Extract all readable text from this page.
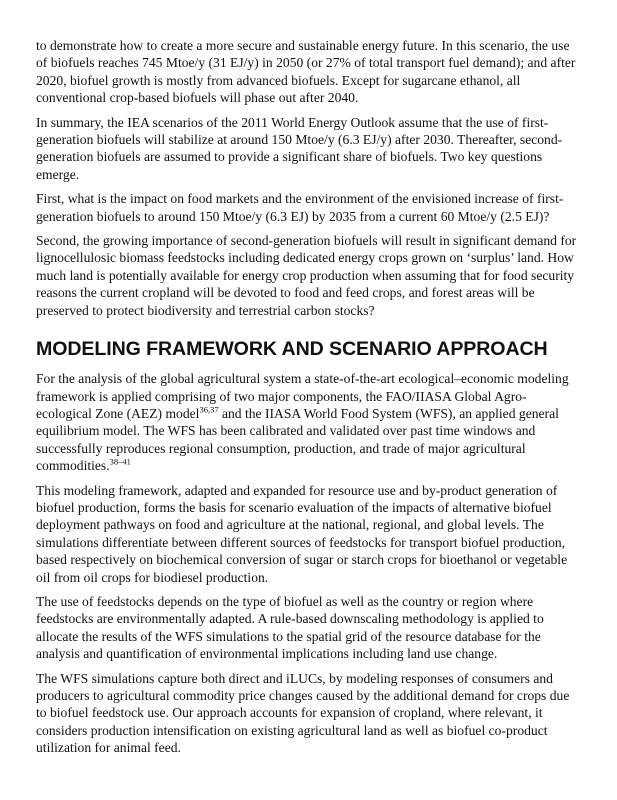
to demonstrate how to create a more secure and sustainable energy future. In this scenario, the use of biofuels reaches 745 Mtoe/y (31 EJ/y) in 2050 (or 27% of total transport fuel demand); and after 2020, biofuel growth is mostly from advanced biofuels. Except for sugarcane ethanol, all conventional crop-based biofuels will phase out after 2040.

In summary, the IEA scenarios of the 2011 World Energy Outlook assume that the use of first-generation biofuels will stabilize at around 150 Mtoe/y (6.3 EJ/y) after 2030. Thereafter, second-generation biofuels are assumed to provide a significant share of biofuels. Two key questions emerge.

First, what is the impact on food markets and the environment of the envisioned increase of first-generation biofuels to around 150 Mtoe/y (6.3 EJ) by 2035 from a current 60 Mtoe/y (2.5 EJ)?

Second, the growing importance of second-generation biofuels will result in significant demand for lignocellulosic biomass feedstocks including dedicated energy crops grown on ‘surplus’ land. How much land is potentially available for energy crop production when assuming that for food security reasons the current cropland will be devoted to food and feed crops, and forest areas will be preserved to protect biodiversity and terrestrial carbon stocks?

MODELING FRAMEWORK AND SCENARIO APPROACH

For the analysis of the global agricultural system a state-of-the-art ecological–economic modeling framework is applied comprising of two major components, the FAO/IIASA Global Agro-ecological Zone (AEZ) model$^{36,37}$ and the IIASA World Food System (WFS), an applied general equilibrium model. The WFS has been calibrated and validated over past time windows and successfully reproduces regional consumption, production, and trade of major agricultural commodities.$^{38-41}$

This modeling framework, adapted and expanded for resource use and by-product generation of biofuel production, forms the basis for scenario evaluation of the impacts of alternative biofuel deployment pathways on food and agriculture at the national, regional, and global levels. The simulations differentiate between different sources of feedstocks for transport biofuel production, based respectively on biochemical conversion of sugar or starch crops for bioethanol or vegetable oil from oil crops for biodiesel production.

The use of feedstocks depends on the type of biofuel as well as the country or region where feedstocks are environmentally adapted. A rule-based downscaling methodology is applied to allocate the results of the WFS simulations to the spatial grid of the resource database for the analysis and quantification of environmental implications including land use change.

The WFS simulations capture both direct and iLUCs, by modeling responses of consumers and producers to agricultural commodity price changes caused by the additional demand for crops due to biofuel feedstock use. Our approach accounts for expansion of cropland, where relevant, it considers production intensification on existing agricultural land as well as biofuel co-product utilization for animal feed.
